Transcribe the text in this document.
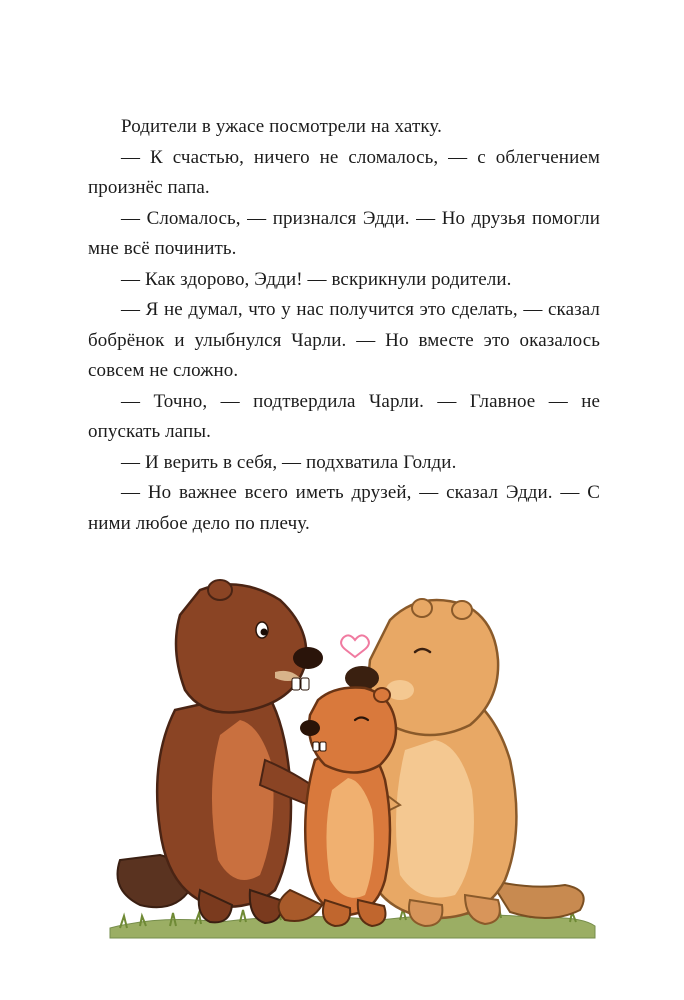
Родители в ужасе посмотрели на хатку.

— К счастью, ничего не сломалось, — с облегчением произнёс папа.

— Сломалось, — признался Эдди. — Но друзья помогли мне всё починить.

— Как здорово, Эдди! — вскрикнули родители.

— Я не думал, что у нас получится это сделать, — сказал бобрёнок и улыбнулся Чарли. — Но вместе это оказалось совсем не сложно.

— Точно, — подтвердила Чарли. — Главное — не опускать лапы.

— И верить в себя, — подхватила Голди.

— Но важнее всего иметь друзей, — сказал Эдди. — С ними любое дело по плечу.
